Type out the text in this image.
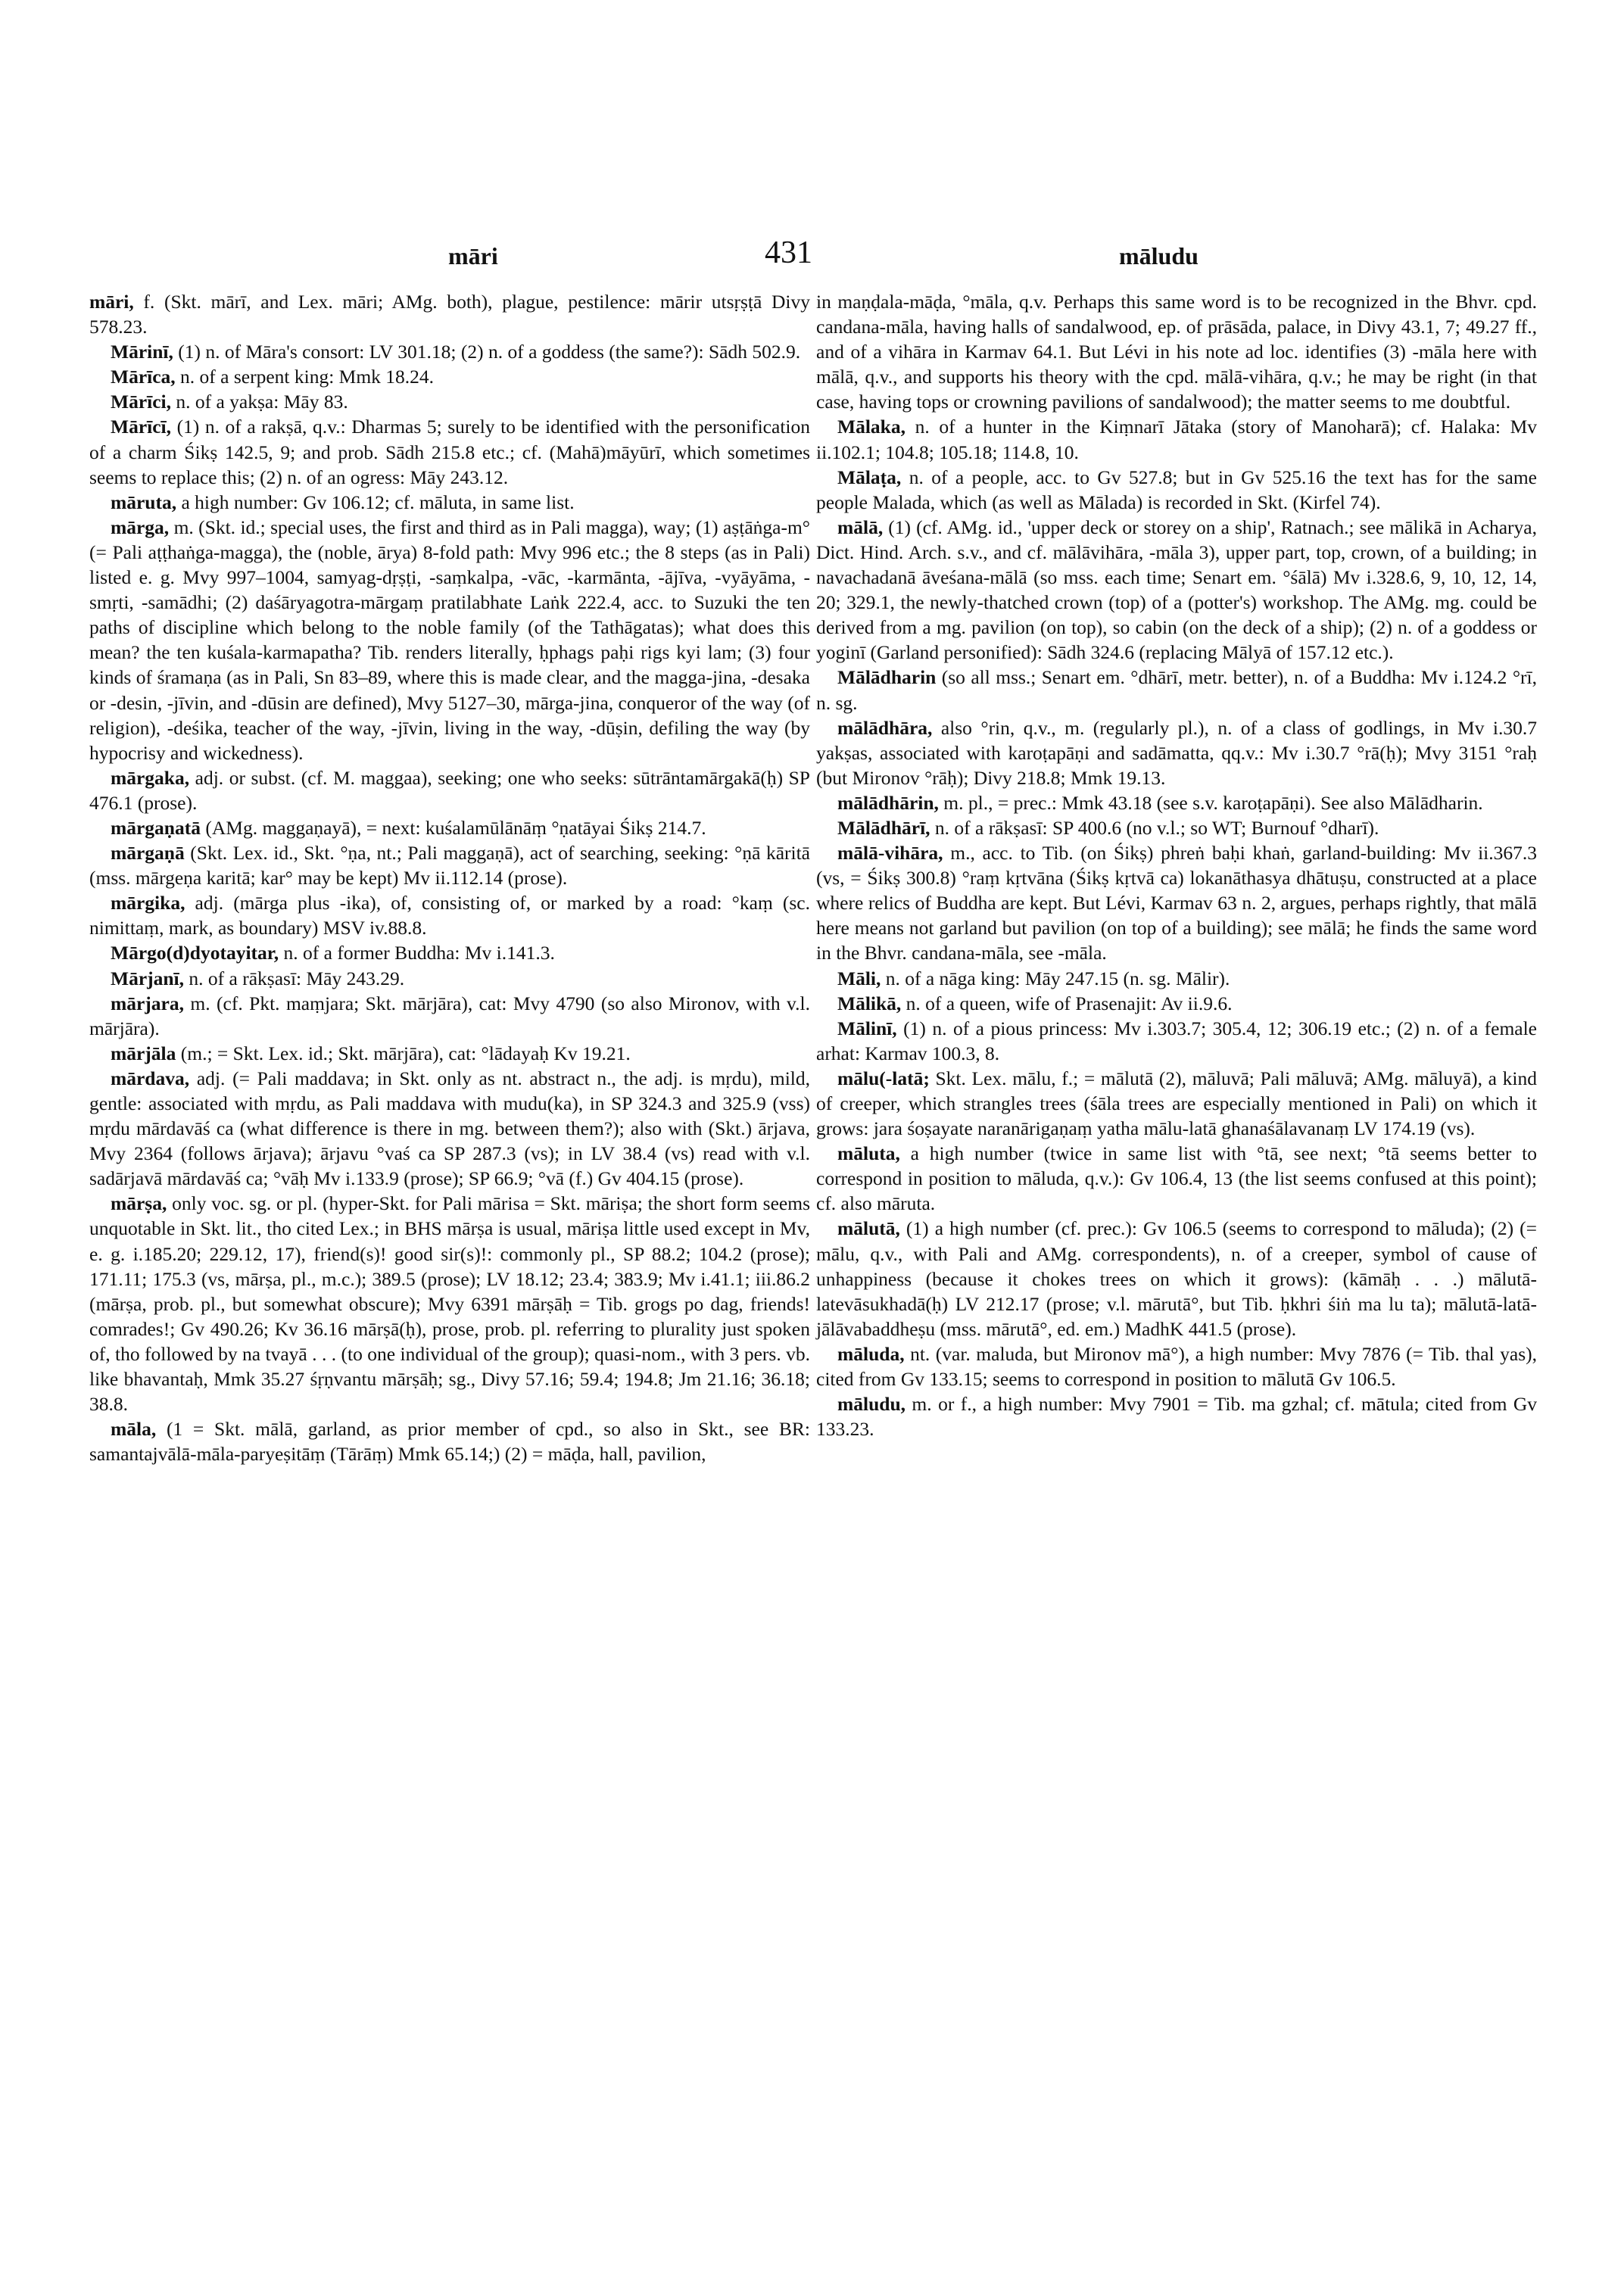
māri	431	māludu

māri, f. (Skt. mārī, and Lex. māri; AMg. both), plague, pestilence: mārir utsṛṣṭā Divy 578.23.

Mārinī, (1) n. of Māra's consort: LV 301.18; (2) n. of a goddess (the same?): Sādh 502.9.

Mārīca, n. of a serpent king: Mmk 18.24.

Mārīci, n. of a yakṣa: Māy 83.

Mārīcī, (1) n. of a rakṣā, q.v.: Dharmas 5; surely to be identified with the personification of a charm Śikṣ 142.5, 9; and prob. Sādh 215.8 etc.; cf. (Mahā)māyūrī, which sometimes seems to replace this; (2) n. of an ogress: Māy 243.12.

māruta, a high number: Gv 106.12; cf. māluta, in same list.

mārga, m. (Skt. id.; special uses, the first and third as in Pali magga), way; (1) aṣṭāṅga-m° (= Pali aṭṭhaṅga-magga), the (noble, ārya) 8-fold path: Mvy 996 etc.; the 8 steps (as in Pali) listed e. g. Mvy 997–1004, samyag-dṛṣṭi, -saṃkalpa, -vāc, -karmānta, -ājīva, -vyāyāma, -smṛti, -samādhi; (2) daśāryagotra-mārgaṃ pratilabhate Laṅk 222.4, acc. to Suzuki the ten paths of discipline which belong to the noble family (of the Tathāgatas); what does this mean? the ten kuśala-karmapatha? Tib. renders literally, ḥphags paḥi rigs kyi lam; (3) four kinds of śramaṇa (as in Pali, Sn 83–89, where this is made clear, and the magga-jina, -desaka or -desin, -jīvin, and -dūsin are defined), Mvy 5127–30, mārga-jina, conqueror of the way (of religion), -deśika, teacher of the way, -jīvin, living in the way, -dūṣin, defiling the way (by hypocrisy and wickedness).

mārgaka, adj. or subst. (cf. M. maggaa), seeking; one who seeks: sūtrāntamārgakā(ḥ) SP 476.1 (prose).

mārgaṇatā (AMg. maggaṇayā), = next: kuśalamūlānāṃ °ṇatāyai Śikṣ 214.7.

mārgaṇā (Skt. Lex. id., Skt. °ṇa, nt.; Pali maggaṇā), act of searching, seeking: °ṇā kāritā (mss. mārgeṇa karitā; kar° may be kept) Mv ii.112.14 (prose).

mārgika, adj. (mārga plus -ika), of, consisting of, or marked by a road: °kaṃ (sc. nimittaṃ, mark, as boundary) MSV iv.88.8.

Mārgo(d)dyotayitar, n. of a former Buddha: Mv i.141.3.

Mārjanī, n. of a rākṣasī: Māy 243.29.

mārjara, m. (cf. Pkt. maṃjara; Skt. mārjāra), cat: Mvy 4790 (so also Mironov, with v.l. mārjāra).

mārjāla (m.; = Skt. Lex. id.; Skt. mārjāra), cat: °lādayaḥ Kv 19.21.

mārdava, adj. (= Pali maddava; in Skt. only as nt. abstract n., the adj. is mṛdu), mild, gentle: associated with mṛdu, as Pali maddava with mudu(ka), in SP 324.3 and 325.9 (vss) mṛdu mārdavāś ca (what difference is there in mg. between them?); also with (Skt.) ārjava, Mvy 2364 (follows ārjava); ārjavu °vaś ca SP 287.3 (vs); in LV 38.4 (vs) read with v.l. sadārjavā mārdavāś ca; °vāḥ Mv i.133.9 (prose); SP 66.9; °vā (f.) Gv 404.15 (prose).

mārṣa, only voc. sg. or pl. (hyper-Skt. for Pali mārisa = Skt. māriṣa; the short form seems unquotable in Skt. lit., tho cited Lex.; in BHS mārṣa is usual, māriṣa little used except in Mv, e. g. i.185.20; 229.12, 17), friend(s)! good sir(s)!: commonly pl., SP 88.2; 104.2 (prose); 171.11; 175.3 (vs, mārṣa, pl., m.c.); 389.5 (prose); LV 18.12; 23.4; 383.9; Mv i.41.1; iii.86.2 (mārṣa, prob. pl., but somewhat obscure); Mvy 6391 mārṣāḥ = Tib. grogs po dag, friends! comrades!; Gv 490.26; Kv 36.16 mārṣā(ḥ), prose, prob. pl. referring to plurality just spoken of, tho followed by na tvayā . . . (to one individual of the group); quasi-nom., with 3 pers. vb. like bhavantaḥ, Mmk 35.27 śṛṇvantu mārṣāḥ; sg., Divy 57.16; 59.4; 194.8; Jm 21.16; 36.18; 38.8.

māla, (1 = Skt. mālā, garland, as prior member of cpd., so also in Skt., see BR: samantajvālā-māla-paryeṣitāṃ (Tārāṃ) Mmk 65.14;) (2) = māḍa, hall, pavilion,

in maṇḍala-māḍa, °māla, q.v. Perhaps this same word is to be recognized in the Bhvr. cpd. candana-māla, having halls of sandalwood, ep. of prāsāda, palace, in Divy 43.1, 7; 49.27 ff., and of a vihāra in Karmav 64.1. But Lévi in his note ad loc. identifies (3) -māla here with mālā, q.v., and supports his theory with the cpd. mālā-vihāra, q.v.; he may be right (in that case, having tops or crowning pavilions of sandalwood); the matter seems to me doubtful.

Mālaka, n. of a hunter in the Kiṃnarī Jātaka (story of Manoharā); cf. Halaka: Mv ii.102.1; 104.8; 105.18; 114.8, 10.

Mālaṭa, n. of a people, acc. to Gv 527.8; but in Gv 525.16 the text has for the same people Malada, which (as well as Mālada) is recorded in Skt. (Kirfel 74).

mālā, (1) (cf. AMg. id., 'upper deck or storey on a ship', Ratnach.; see mālikā in Acharya, Dict. Hind. Arch. s.v., and cf. mālāvihāra, -māla 3), upper part, top, crown, of a building; in navachadanā āveśana-mālā (so mss. each time; Senart em. °śālā) Mv i.328.6, 9, 10, 12, 14, 20; 329.1, the newly-thatched crown (top) of a (potter's) workshop. The AMg. mg. could be derived from a mg. pavilion (on top), so cabin (on the deck of a ship); (2) n. of a goddess or yoginī (Garland personified): Sādh 324.6 (replacing Mālyā of 157.12 etc.).

Mālādharin (so all mss.; Senart em. °dhārī, metr. better), n. of a Buddha: Mv i.124.2 °rī, n. sg.

mālādhāra, also °rin, q.v., m. (regularly pl.), n. of a class of godlings, in Mv i.30.7 yakṣas, associated with karoṭapāṇi and sadāmatta, qq.v.: Mv i.30.7 °rā(ḥ); Mvy 3151 °raḥ (but Mironov °rāḥ); Divy 218.8; Mmk 19.13.

mālādhārin, m. pl., = prec.: Mmk 43.18 (see s.v. karoṭapāṇi). See also Mālādharin.

Mālādhārī, n. of a rākṣasī: SP 400.6 (no v.l.; so WT; Burnouf °dharī).

mālā-vihāra, m., acc. to Tib. (on Śikṣ) phreṅ baḥi khaṅ, garland-building: Mv ii.367.3 (vs, = Śikṣ 300.8) °raṃ kṛtvāna (Śikṣ kṛtvā ca) lokanāthasya dhātuṣu, constructed at a place where relics of Buddha are kept. But Lévi, Karmav 63 n. 2, argues, perhaps rightly, that mālā here means not garland but pavilion (on top of a building); see mālā; he finds the same word in the Bhvr. candana-māla, see -māla.

Māli, n. of a nāga king: Māy 247.15 (n. sg. Mālir).

Mālikā, n. of a queen, wife of Prasenajit: Av ii.9.6.

Mālinī, (1) n. of a pious princess: Mv i.303.7; 305.4, 12; 306.19 etc.; (2) n. of a female arhat: Karmav 100.3, 8.

mālu(-latā; Skt. Lex. mālu, f.; = mālutā (2), māluvā; Pali māluvā; AMg. māluyā), a kind of creeper, which strangles trees (śāla trees are especially mentioned in Pali) on which it grows: jara śoṣayate naranārigaṇaṃ yatha mālu-latā ghanaśālavanaṃ LV 174.19 (vs).

māluta, a high number (twice in same list with °tā, see next; °tā seems better to correspond in position to māluda, q.v.): Gv 106.4, 13 (the list seems confused at this point); cf. also māruta.

mālutā, (1) a high number (cf. prec.): Gv 106.5 (seems to correspond to māluda); (2) (= mālu, q.v., with Pali and AMg. correspondents), n. of a creeper, symbol of cause of unhappiness (because it chokes trees on which it grows): (kāmāḥ . . .) mālutā-latevāsukhadā(ḥ) LV 212.17 (prose; v.l. mārutā°, but Tib. ḥkhri śiṅ ma lu ta); mālutā-latā-jālāvabaddheṣu (mss. mārutā°, ed. em.) MadhK 441.5 (prose).

māluda, nt. (var. maluda, but Mironov mā°), a high number: Mvy 7876 (= Tib. thal yas), cited from Gv 133.15; seems to correspond in position to mālutā Gv 106.5.

māludu, m. or f., a high number: Mvy 7901 = Tib. ma gzhal; cf. mātula; cited from Gv 133.23.
